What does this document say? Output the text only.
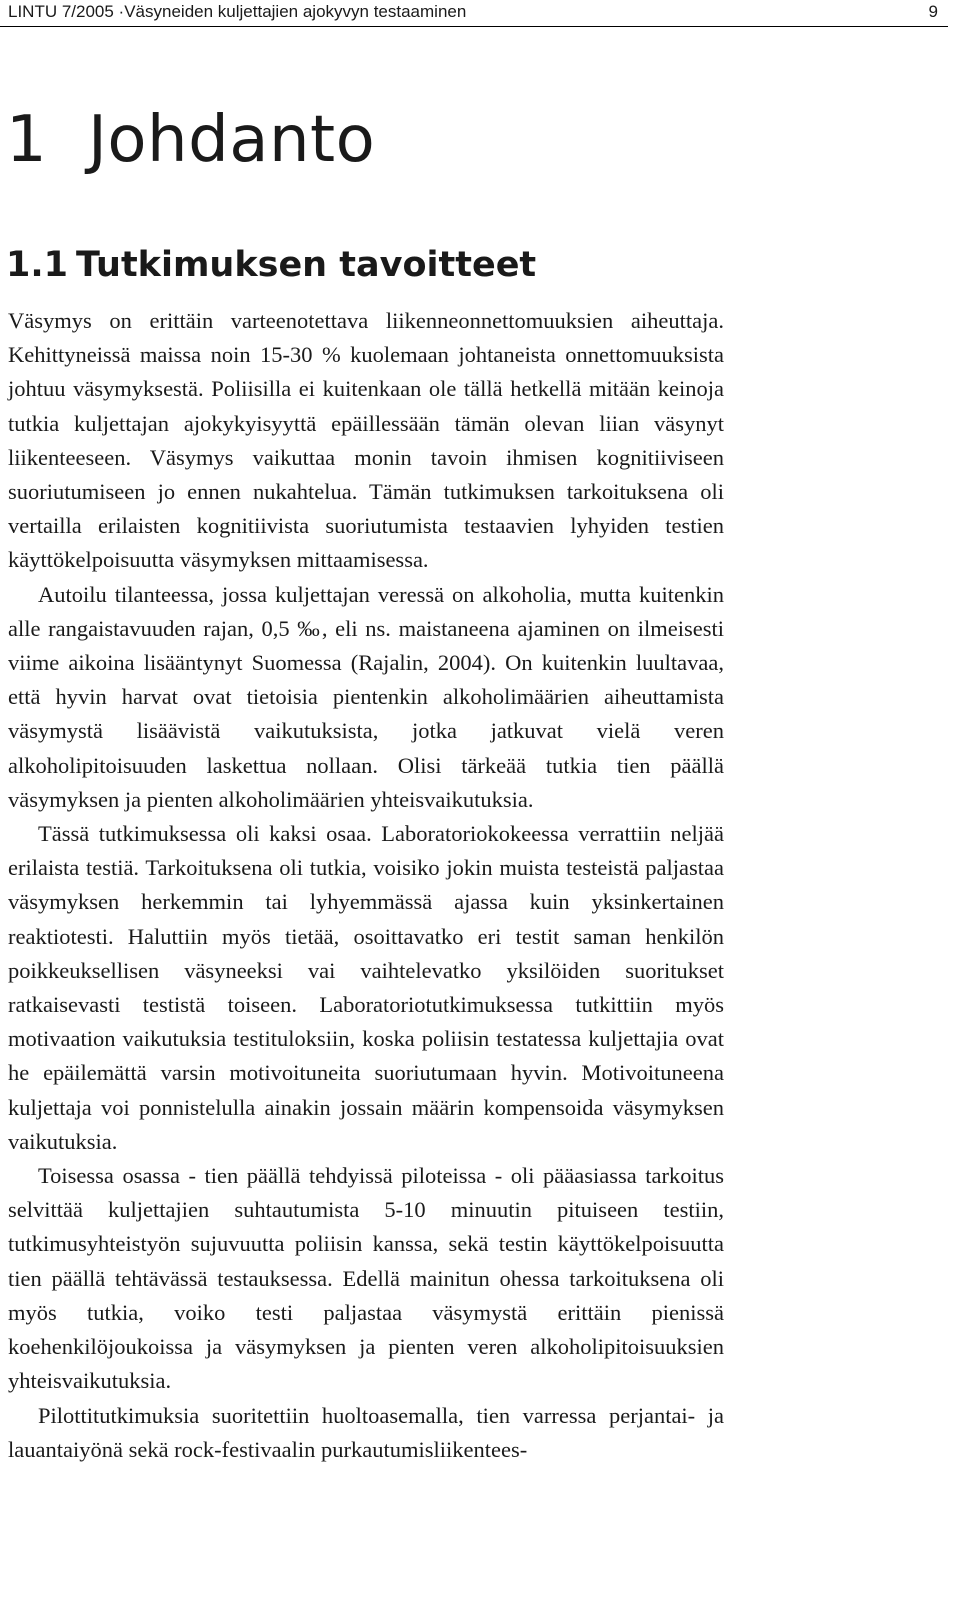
LINTU 7/2005 ·Väsyneiden kuljettajien ajokyvyn testaaminen	9
1 Johdanto
1.1 Tutkimuksen tavoitteet

Väsymys on erittäin varteenotettava liikenneonnettomuuksien aiheuttaja. Kehittyneissä maissa noin 15-30 % kuolemaan johtaneista onnettomuuksista johtuu väsymyksestä. Poliisilla ei kuitenkaan ole tällä hetkellä mitään keinoja tutkia kuljettajan ajokykyisyyttä epäillessään tämän olevan liian väsynyt liikenteeseen. Väsymys vaikuttaa monin tavoin ihmisen kognitiiviseen suoriutumiseen jo ennen nukahtelua. Tämän tutkimuksen tarkoituksena oli vertailla erilaisten kognitiivista suoriutumista testaavien lyhyiden testien käyttökelpoisuutta väsymyksen mittaamisessa.

Autoilu tilanteessa, jossa kuljettajan veressä on alkoholia, mutta kuitenkin alle rangaistavuuden rajan, 0,5 ‰, eli ns. maistaneena ajaminen on ilmeisesti viime aikoina lisääntynyt Suomessa (Rajalin, 2004). On kuitenkin luultavaa, että hyvin harvat ovat tietoisia pientenkin alkoholimäärien aiheuttamista väsymystä lisäävistä vaikutuksista, jotka jatkuvat vielä veren alkoholipitoisuuden laskettua nollaan. Olisi tärkeää tutkia tien päällä väsymyksen ja pienten alkoholimäärien yhteisvaikutuksia.

Tässä tutkimuksessa oli kaksi osaa. Laboratoriokokeessa verrattiin neljää erilaista testiä. Tarkoituksena oli tutkia, voisiko jokin muista testeistä paljastaa väsymyksen herkemmin tai lyhyemmässä ajassa kuin yksinkertainen reaktiotesti. Haluttiin myös tietää, osoittavatko eri testit saman henkilön poikkeuksellisen väsyneeksi vai vaihtelevatko yksilöiden suoritukset ratkaisevasti testistä toiseen. Laboratoriotutkimuksessa tutkittiin myös motivaation vaikutuksia testituloksiin, koska poliisin testatessa kuljettajia ovat he epäilemättä varsin motivoituneita suoriutumaan hyvin. Motivoituneena kuljettaja voi ponnistelulla ainakin jossain määrin kompensoida väsymyksen vaikutuksia.

Toisessa osassa - tien päällä tehdyissä piloteissa - oli pääasiassa tarkoitus selvittää kuljettajien suhtautumista 5-10 minuutin pituiseen testiin, tutkimusyhteistyön sujuvuutta poliisin kanssa, sekä testin käyttökelpoisuutta tien päällä tehtävässä testauksessa. Edellä mainitun ohessa tarkoituksena oli myös tutkia, voiko testi paljastaa väsymystä erittäin pienissä koehenkilöjoukoissa ja väsymyksen ja pienten veren alkoholipitoisuuksien yhteisvaikutuksia.

Pilottitutkimuksia suoritettiin huoltoasemalla, tien varressa perjantai- ja lauantaiyönä sekä rock-festivaalin purkautumisliikentees-
